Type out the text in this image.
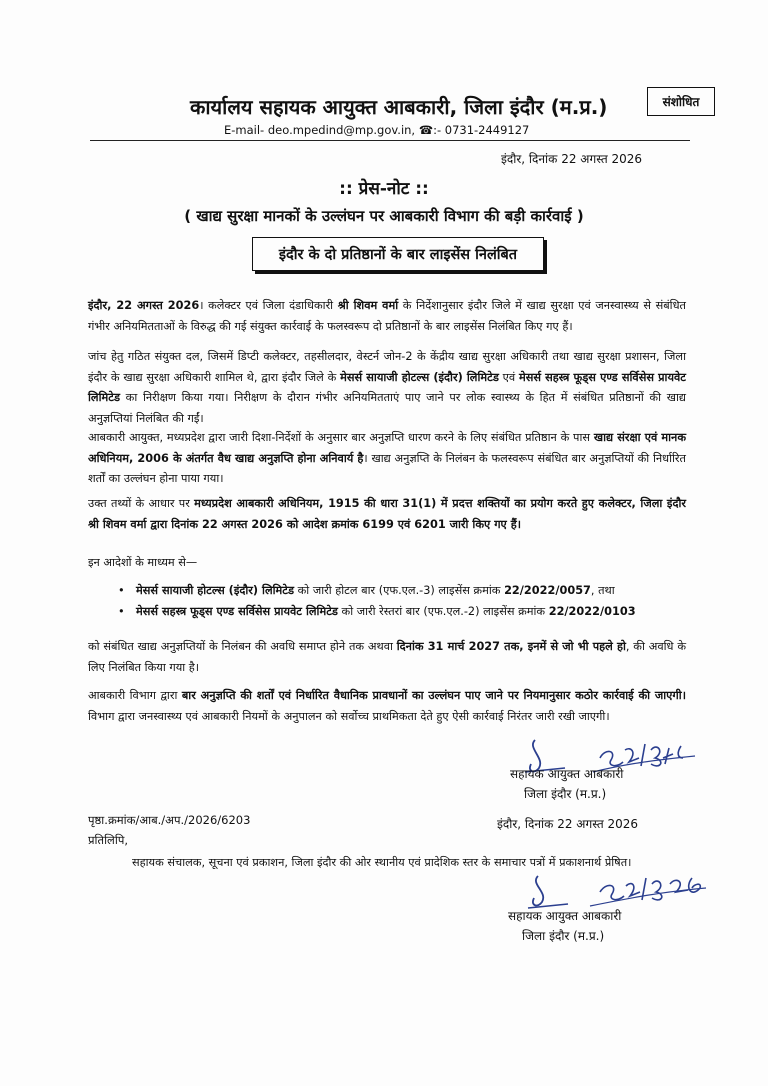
कार्यालय सहायक आयुक्त आबकारी, जिला इंदौर (म.प्र.)
E-mail- deo.mpedind@mp.gov.in, ☎:- 0731-2449127
संशोधित
इंदौर, दिनांक 22 अगस्त 2026
:: प्रेस-नोट ::
( खाद्य सुरक्षा मानकों के उल्लंघन पर आबकारी विभाग की बड़ी कार्रवाई )
इंदौर के दो प्रतिष्ठानों के बार लाइसेंस निलंबित
इंदौर, 22 अगस्त 2026। कलेक्टर एवं जिला दंडाधिकारी श्री शिवम वर्मा के निर्देशानुसार इंदौर जिले में खाद्य सुरक्षा एवं जनस्वास्थ्य से संबंधित गंभीर अनियमितताओं के विरुद्ध की गई संयुक्त कार्रवाई के फलस्वरूप दो प्रतिष्ठानों के बार लाइसेंस निलंबित किए गए हैं।
जांच हेतु गठित संयुक्त दल, जिसमें डिप्टी कलेक्टर, तहसीलदार, वेस्टर्न जोन-2 के केंद्रीय खाद्य सुरक्षा अधिकारी तथा खाद्य सुरक्षा प्रशासन, जिला इंदौर के खाद्य सुरक्षा अधिकारी शामिल थे, द्वारा इंदौर जिले के मेसर्स सायाजी होटल्स (इंदौर) लिमिटेड एवं मेसर्स सहस्त्र फूड्स एण्ड सर्विसेस प्रायवेट लिमिटेड का निरीक्षण किया गया। निरीक्षण के दौरान गंभीर अनियमितताएं पाए जाने पर लोक स्वास्थ्य के हित में संबंधित प्रतिष्ठानों की खाद्य अनुज्ञप्तियां निलंबित की गईं।
आबकारी आयुक्त, मध्यप्रदेश द्वारा जारी दिशा-निर्देशों के अनुसार बार अनुज्ञप्ति धारण करने के लिए संबंधित प्रतिष्ठान के पास खाद्य संरक्षा एवं मानक अधिनियम, 2006 के अंतर्गत वैध खाद्य अनुज्ञप्ति होना अनिवार्य है। खाद्य अनुज्ञप्ति के निलंबन के फलस्वरूप संबंधित बार अनुज्ञप्तियों की निर्धारित शर्तों का उल्लंघन होना पाया गया।
उक्त तथ्यों के आधार पर मध्यप्रदेश आबकारी अधिनियम, 1915 की धारा 31(1) में प्रदत्त शक्तियों का प्रयोग करते हुए कलेक्टर, जिला इंदौर श्री शिवम वर्मा द्वारा दिनांक 22 अगस्त 2026 को आदेश क्रमांक 6199 एवं 6201 जारी किए गए हैं।
इन आदेशों के माध्यम से—
• मेसर्स सायाजी होटल्स (इंदौर) लिमिटेड को जारी होटल बार (एफ.एल.-3) लाइसेंस क्रमांक 22/2022/0057, तथा
• मेसर्स सहस्त्र फूड्स एण्ड सर्विसेस प्रायवेट लिमिटेड को जारी रेस्तरां बार (एफ.एल.-2) लाइसेंस क्रमांक 22/2022/0103
को संबंधित खाद्य अनुज्ञप्तियों के निलंबन की अवधि समाप्त होने तक अथवा दिनांक 31 मार्च 2027 तक, इनमें से जो भी पहले हो, की अवधि के लिए निलंबित किया गया है।
आबकारी विभाग द्वारा बार अनुज्ञप्ति की शर्तों एवं निर्धारित वैधानिक प्रावधानों का उल्लंघन पाए जाने पर नियमानुसार कठोर कार्रवाई की जाएगी। विभाग द्वारा जनस्वास्थ्य एवं आबकारी नियमों के अनुपालन को सर्वोच्च प्राथमिकता देते हुए ऐसी कार्रवाई निरंतर जारी रखी जाएगी।
सहायक आयुक्त आबकारी
जिला इंदौर (म.प्र.)
पृष्ठा.क्रमांक/आब./अप./2026/6203	इंदौर, दिनांक 22 अगस्त 2026
प्रतिलिपि,
सहायक संचालक, सूचना एवं प्रकाशन, जिला इंदौर की ओर स्थानीय एवं प्रादेशिक स्तर के समाचार पत्रों में प्रकाशनार्थ प्रेषित।
सहायक आयुक्त आबकारी
जिला इंदौर (म.प्र.)
